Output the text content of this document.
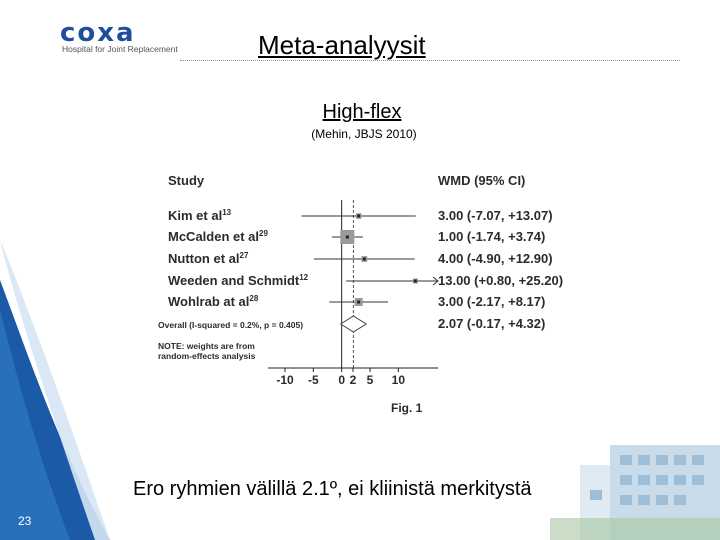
coxa
Hospital for Joint Replacement	Meta-analyysit
High-flex
(Mehin, JBJS 2010)
Study	WMD (95% CI)
Kim et $al^{13}$	3.00 (-7.07, +13.07)
McCalden et $al^{29}$	1.00 (-1.74, +3.74)
Nutton et $al^{27}$	4.00 (-4.90, +12.90)
Weeden and Schmidt$^{12}$	13.00 (+0.80, +25.20)
Wohlrab at $al^{28}$	3.00 (-2.17, +8.17)
Overall (I-squared = 0.2%, p = 0.405)	2.07 (-0.17, +4.32)
NOTE: weights are from
random-effects analysis
-10 -5 0 2 5 10
Fig. 1
Ero ryhmien välillä 2.1º, ei kliinistä merkitystä
23
